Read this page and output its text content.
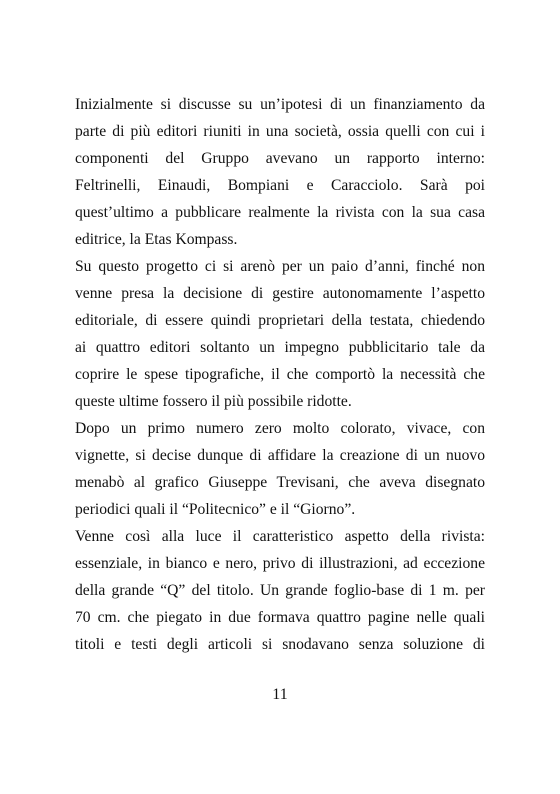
Inizialmente si discusse su un’ipotesi di un finanziamento da
parte di più editori riuniti in una società, ossia quelli con cui i
componenti del Gruppo avevano un rapporto interno:
Feltrinelli, Einaudi, Bompiani e Caracciolo. Sarà poi
quest’ultimo a pubblicare realmente la rivista con la sua casa
editrice, la Etas Kompass.
Su questo progetto ci si arenò per un paio d’anni, finché non
venne presa la decisione di gestire autonomamente l’aspetto
editoriale, di essere quindi proprietari della testata, chiedendo
ai quattro editori soltanto un impegno pubblicitario tale da
coprire le spese tipografiche, il che comportò la necessità che
queste ultime fossero il più possibile ridotte.
Dopo un primo numero zero molto colorato, vivace, con
vignette, si decise dunque di affidare la creazione di un nuovo
menabò al grafico Giuseppe Trevisani, che aveva disegnato
periodici quali il “Politecnico” e il “Giorno”.
Venne così alla luce il caratteristico aspetto della rivista:
essenziale, in bianco e nero, privo di illustrazioni, ad eccezione
della grande “Q” del titolo. Un grande foglio-base di 1 m. per
70 cm. che piegato in due formava quattro pagine nelle quali
titoli e testi degli articoli si snodavano senza soluzione di
11
